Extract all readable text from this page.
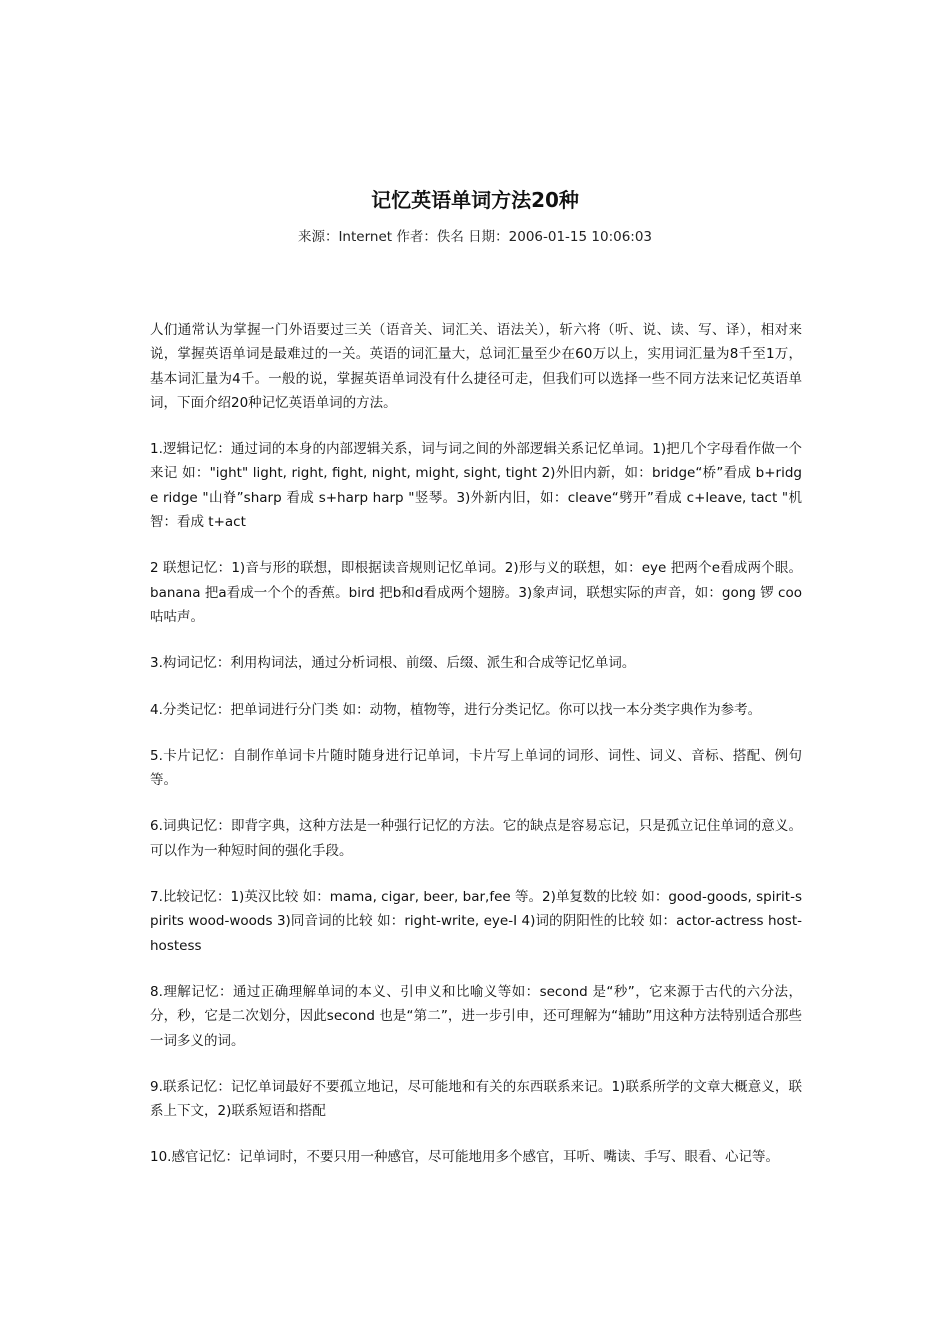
记忆英语单词方法20种

来源：Internet 作者：佚名 日期：2006-01-15 10:06:03

人们通常认为掌握一门外语要过三关（语音关、词汇关、语法关），斩六将（听、说、读、写、译），相对来说，掌握英语单词是最难过的一关。英语的词汇量大，总词汇量至少在60万以上，实用词汇量为8千至1万，基本词汇量为4千。一般的说，掌握英语单词没有什么捷径可走，但我们可以选择一些不同方法来记忆英语单词，下面介绍20种记忆英语单词的方法。

1.逻辑记忆：通过词的本身的内部逻辑关系，词与词之间的外部逻辑关系记忆单词。1)把几个字母看作做一个来记 如："ight" light, right, fight, night, might, sight, tight 2)外旧内新，如：bridge“桥”看成 b+ridge ridge "山脊”sharp 看成 s+harp harp "竖琴。3)外新内旧，如：cleave“劈开”看成 c+leave, tact "机智：看成 t+act

2 联想记忆：1)音与形的联想，即根据读音规则记忆单词。2)形与义的联想，如：eye 把两个e看成两个眼。banana 把a看成一个个的香蕉。bird 把b和d看成两个翅膀。3)象声词，联想实际的声音，如：gong 锣 coo 咕咕声。

3.构词记忆：利用构词法，通过分析词根、前缀、后缀、派生和合成等记忆单词。

4.分类记忆：把单词进行分门类 如：动物，植物等，进行分类记忆。你可以找一本分类字典作为参考。

5.卡片记忆：自制作单词卡片随时随身进行记单词，卡片写上单词的词形、词性、词义、音标、搭配、例句等。

6.词典记忆：即背字典，这种方法是一种强行记忆的方法。它的缺点是容易忘记，只是孤立记住单词的意义。可以作为一种短时间的强化手段。

7.比较记忆：1)英汉比较 如：mama, cigar, beer, bar,fee 等。2)单复数的比较 如：good-goods, spirit-spirits wood-woods 3)同音词的比较 如：right-write, eye-I 4)词的阴阳性的比较 如：actor-actress host-hostess

8.理解记忆：通过正确理解单词的本义、引申义和比喻义等如：second 是“秒”，它来源于古代的六分法，分，秒，它是二次划分，因此second 也是“第二”，进一步引申，还可理解为“辅助”用这种方法特别适合那些一词多义的词。

9.联系记忆：记忆单词最好不要孤立地记，尽可能地和有关的东西联系来记。1)联系所学的文章大概意义，联系上下文，2)联系短语和搭配

10.感官记忆：记单词时，不要只用一种感官，尽可能地用多个感官，耳听、嘴读、手写、眼看、心记等。
